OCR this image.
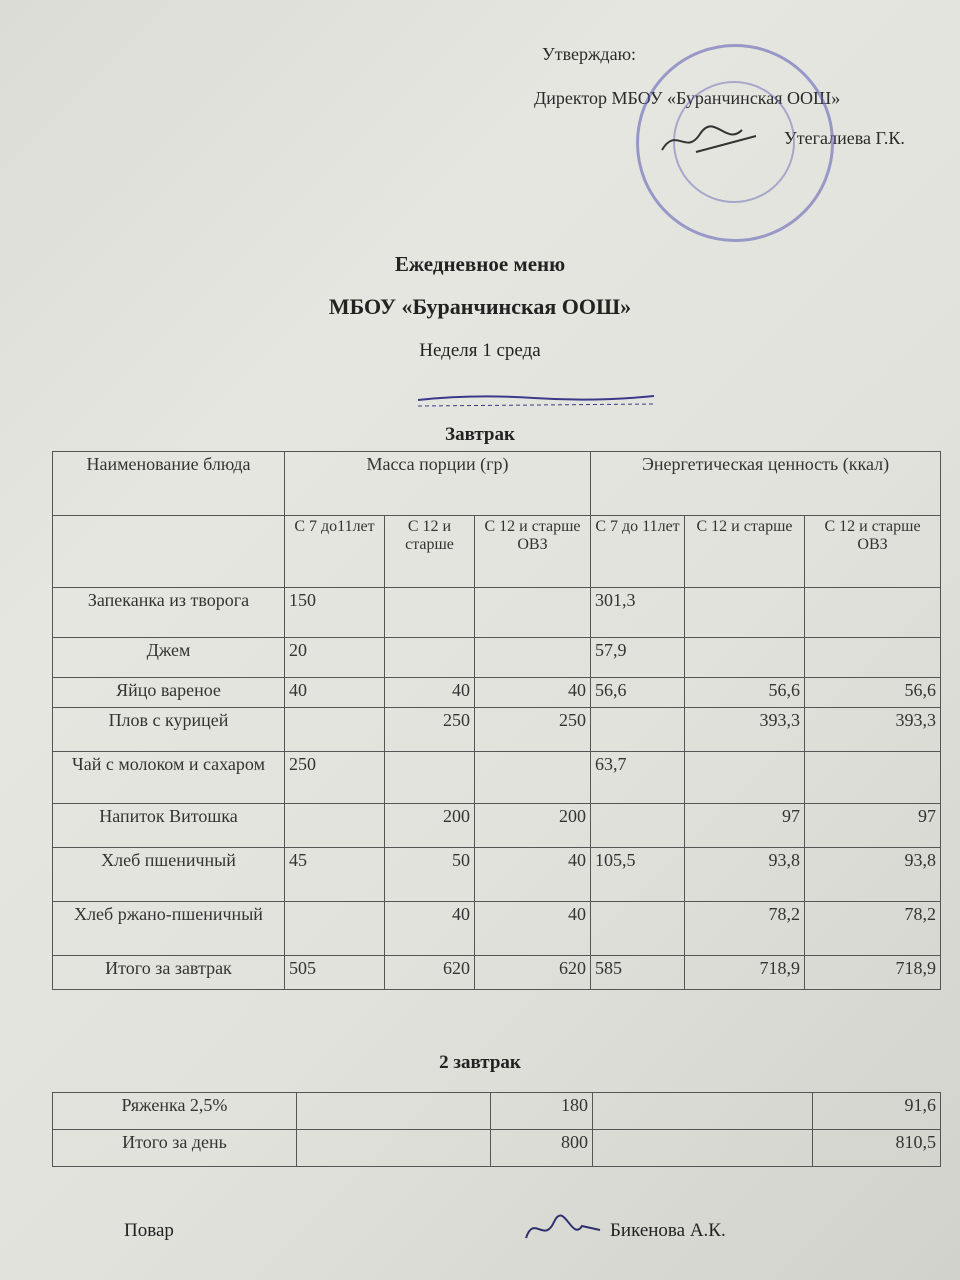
Утверждаю:
Директор МБОУ «Буранчинская ООШ»
Утегалиева Г.К.
Ежедневное меню
МБОУ «Буранчинская ООШ»
Неделя 1 среда
Завтрак
Наименование блюда	Масса порции (гр)			Энергетическая ценность (ккал)		
	С 7 до11лет	С 12 и старше	С 12 и старше ОВЗ	С 7 до 11лет	С 12 и старше	С 12 и старше ОВЗ
Запеканка из творога	150			301,3		
Джем	20			57,9		
Яйцо вареное	40	40	40	56,6	56,6	56,6
Плов с курицей		250	250		393,3	393,3
Чай с молоком и сахаром	250			63,7		
Напиток Витошка		200	200		97	97
Хлеб пшеничный	45	50	40	105,5	93,8	93,8
Хлеб ржано-пшеничный		40	40		78,2	78,2
Итого за завтрак	505	620	620	585	718,9	718,9
2 завтрак
Ряженка 2,5%		180		91,6
Итого за день		800		810,5
Повар	Бикенова А.К.
